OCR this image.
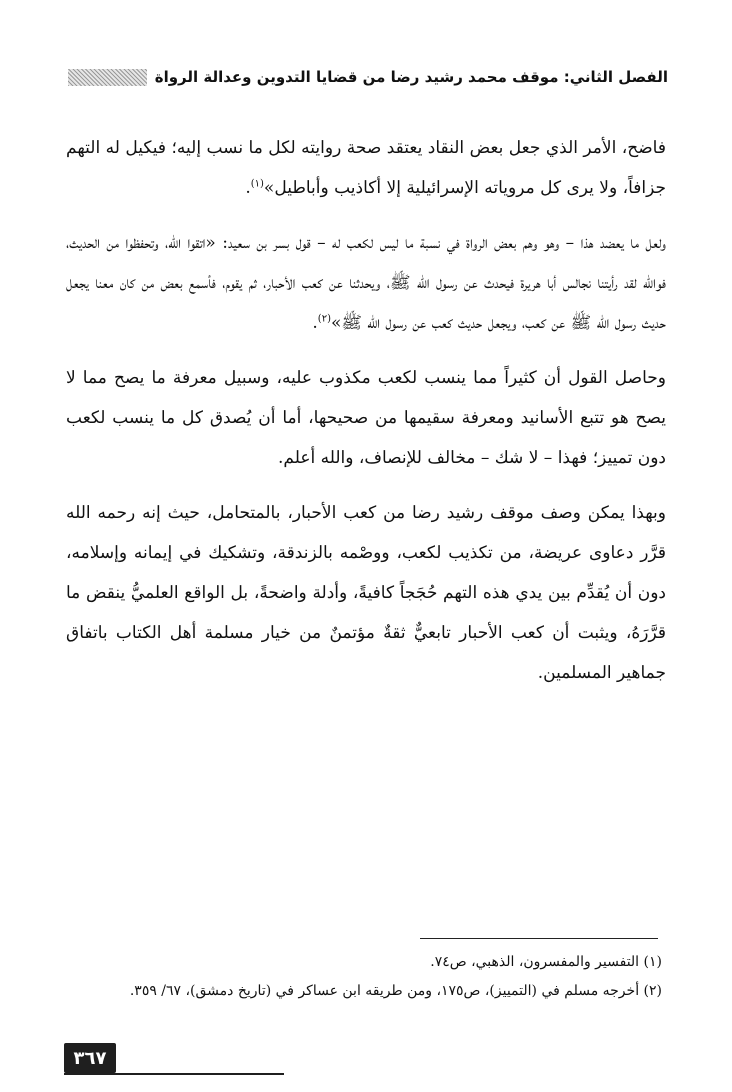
الفصل الثاني: موقف محمد رشيد رضا من قضايا التدوين وعدالة الرواة

فاضح، الأمر الذي جعل بعض النقاد يعتقد صحة روايته لكل ما نسب إليه؛ فيكيل له التهم جزافاً، ولا يرى كل مروياته الإسرائيلية إلا أكاذيب وأباطيل»$^{(١)}$.

ولعل ما يعضد هذا – وهو وهم بعض الرواة في نسبة ما ليس لكعب له – قول بسر بن سعيد: «اتقوا الله، وتحفظوا من الحديث، فوالله لقد رأيتنا نجالس أبا هريرة فيحدث عن رسول الله ﷺ، ويحدثنا عن كعب الأحبار، ثم يقوم، فأسمع بعض من كان معنا يجعل حديث رسول الله ﷺ عن كعب، ويجعل حديث كعب عن رسول الله ﷺ»$^{(٢)}$.

وحاصل القول أن كثيراً مما ينسب لكعب مكذوب عليه، وسبيل معرفة ما يصح مما لا يصح هو تتبع الأسانيد ومعرفة سقيمها من صحيحها، أما أن يُصدق كل ما ينسب لكعب دون تمييز؛ فهذا – لا شك – مخالف للإنصاف، والله أعلم.

وبهذا يمكن وصف موقف رشيد رضا من كعب الأحبار، بالمتحامل، حيث إنه رحمه الله قرَّر دعاوى عريضة، من تكذيب لكعب، ووصْمه بالزندقة، وتشكيك في إيمانه وإسلامه، دون أن يُقدِّم بين يدي هذه التهم حُجَجاً كافيةً، وأدلة واضحةً، بل الواقع العلميُّ ينقض ما قرَّرَهُ، ويثبت أن كعب الأحبار تابعيٌّ ثقةٌ مؤتمنٌ من خيار مسلمة أهل الكتاب باتفاق جماهير المسلمين.

(١) التفسير والمفسرون، الذهبي، ص٧٤.

(٢) أخرجه مسلم في (التمييز)، ص١٧٥، ومن طريقه ابن عساكر في (تاريخ دمشق)، ٦٧/ ٣٥٩.

٣٦٧
